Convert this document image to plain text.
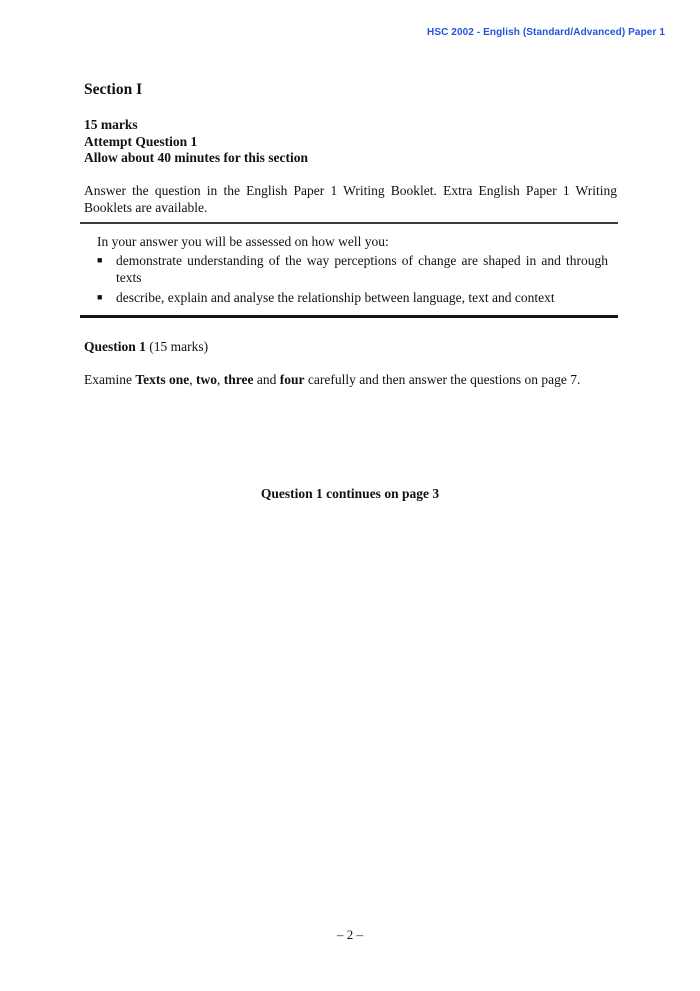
HSC 2002 - English (Standard/Advanced) Paper 1
Section I
15 marks
Attempt Question 1
Allow about 40 minutes for this section

Answer the question in the English Paper 1 Writing Booklet. Extra English Paper 1 Writing Booklets are available.

In your answer you will be assessed on how well you:
■ demonstrate understanding of the way perceptions of change are shaped in and through texts
■ describe, explain and analyse the relationship between language, text and context
Question 1 (15 marks)

Examine Texts one, two, three and four carefully and then answer the questions on page 7.

Question 1 continues on page 3
– 2 –
